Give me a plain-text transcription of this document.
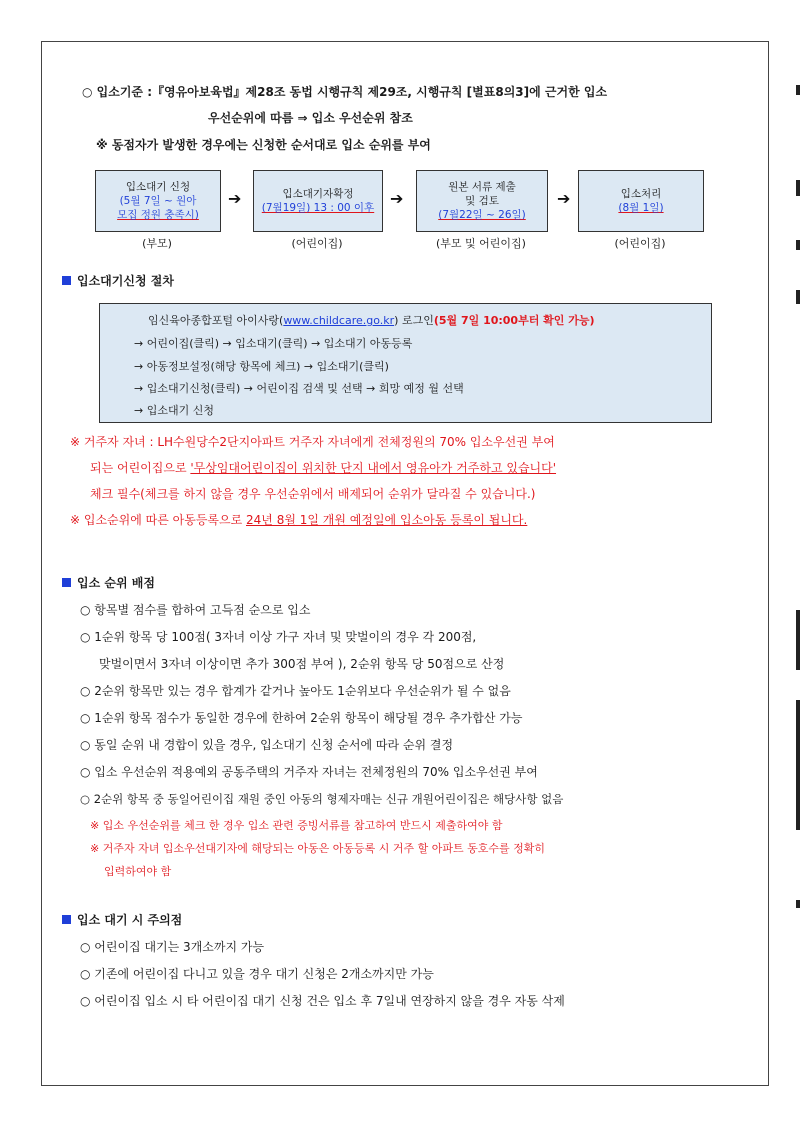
○ 입소기준 :『영유아보육법』제28조 동법 시행규칙 제29조, 시행규칙 [별표8의3]에 근거한 입소
우선순위에 따름 ⇒ 입소 우선순위 참조
※ 동점자가 발생한 경우에는 신청한 순서대로 입소 순위를 부여
입소대기 신청
(5월 7일 ~ 원아
모집 정원 충족시)
(부모)
➔	입소대기자확정
(7월19일) 13 : 00 이후
(어린이집)
➔
원본 서류 제출
및 검토
(7월22일 ~ 26일)
(부모 및 어린이집)
➔	입소처리
(8월 1일)
(어린이집)
입소대기신청 절차
임신육아종합포털 아이사랑(www.childcare.go.kr) 로그인(5월 7일 10:00부터 확인 가능)
→ 어린이집(클릭) → 입소대기(클릭) → 입소대기 아동등록
→ 아동정보설정(해당 항목에 체크) → 입소대기(클릭)
→ 입소대기신청(클릭) → 어린이집 검색 및 선택 → 희망 예정 월 선택
→ 입소대기 신청
※ 거주자 자녀 : LH수원당수2단지아파트 거주자 자녀에게 전체정원의 70% 입소우선권 부여
되는 어린이집으로 '무상임대어린이집이 위치한 단지 내에서 영유아가 거주하고 있습니다'
체크 필수(체크를 하지 않을 경우 우선순위에서 배제되어 순위가 달라질 수 있습니다.)
※ 입소순위에 따른 아동등록으로 24년 8월 1일 개원 예정일에 입소아동 등록이 됩니다.
입소 순위 배점
○ 항목별 점수를 합하여 고득점 순으로 입소
○ 1순위 항목 당 100점( 3자녀 이상 가구 자녀 및 맞벌이의 경우 각 200점,
맞벌이면서 3자녀 이상이면 추가 300점 부여 ), 2순위 항목 당 50점으로 산정
○ 2순위 항목만 있는 경우 합계가 같거나 높아도 1순위보다 우선순위가 될 수 없음
○ 1순위 항목 점수가 동일한 경우에 한하여 2순위 항목이 해당될 경우 추가합산 가능
○ 동일 순위 내 경합이 있을 경우, 입소대기 신청 순서에 따라 순위 결정
○ 입소 우선순위 적용예외 공동주택의 거주자 자녀는 전체정원의 70% 입소우선권 부여
○ 2순위 항목 중 동일어린이집 재원 중인 아동의 형제자매는 신규 개원어린이집은 해당사항 없음
※ 입소 우선순위를 체크 한 경우 입소 관련 증빙서류를 참고하여 반드시 제출하여야 함
※ 거주자 자녀 입소우선대기자에 해당되는 아동은 아동등록 시 거주 할 아파트 동호수를 정확히
입력하여야 함
입소 대기 시 주의점
○ 어린이집 대기는 3개소까지 가능
○ 기존에 어린이집 다니고 있을 경우 대기 신청은 2개소까지만 가능
○ 어린이집 입소 시 타 어린이집 대기 신청 건은 입소 후 7일내 연장하지 않을 경우 자동 삭제
